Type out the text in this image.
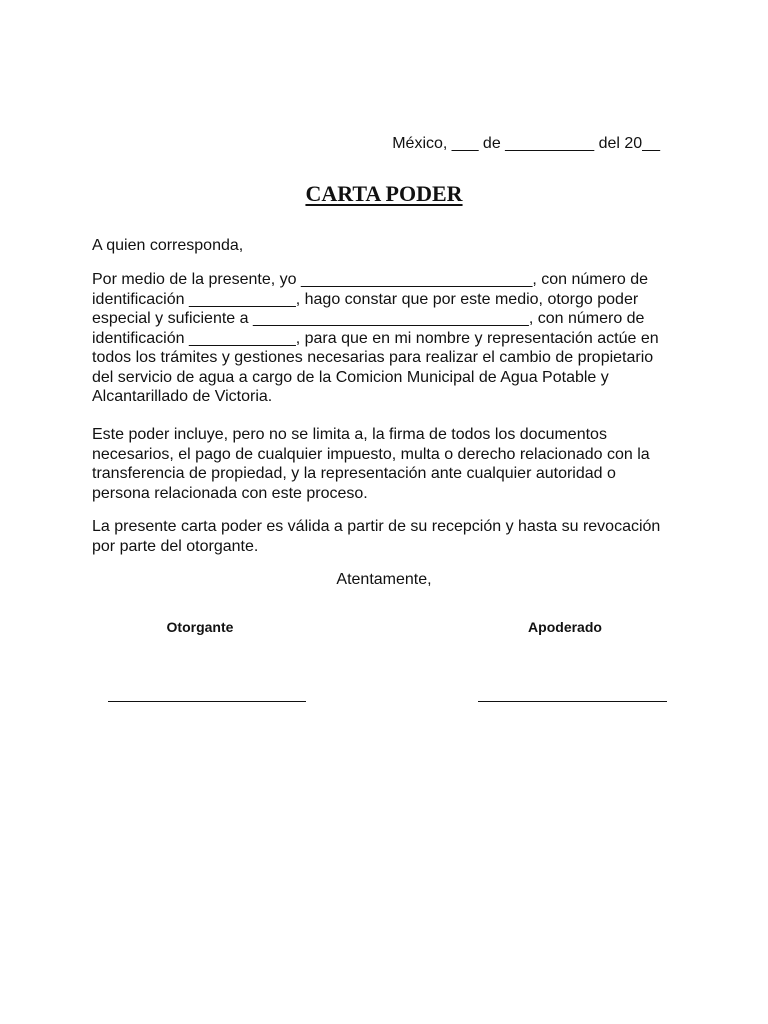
México, ___ de __________ del 20__
CARTA PODER

A quien corresponda,

Por medio de la presente, yo __________________________, con número de identificación ____________, hago constar que por este medio, otorgo poder especial y suficiente a _______________________________, con número de identificación ____________, para que en mi nombre y representación actúe en todos los trámites y gestiones necesarias para realizar el cambio de propietario del servicio de agua a cargo de la Comicion Municipal de Agua Potable y Alcantarillado de Victoria.

Este poder incluye, pero no se limita a, la firma de todos los documentos necesarios, el pago de cualquier impuesto, multa o derecho relacionado con la transferencia de propiedad, y la representación ante cualquier autoridad o persona relacionada con este proceso.

La presente carta poder es válida a partir de su recepción y hasta su revocación por parte del otorgante.

Atentamente,
Otorgante	Apoderado
